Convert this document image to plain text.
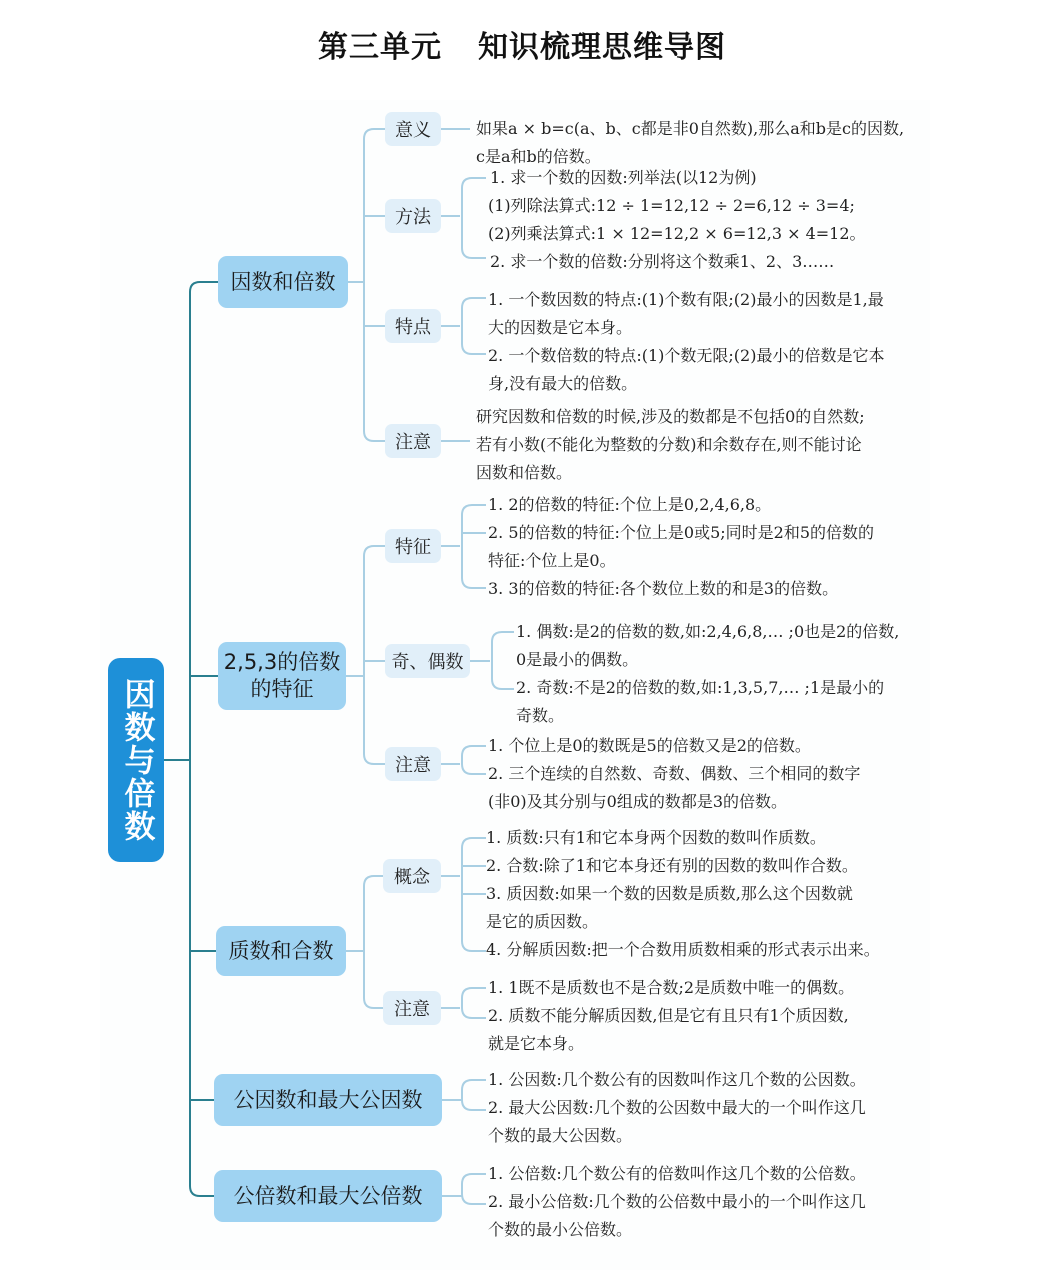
第三单元 知识梳理思维导图
因数与倍数
因数和倍数
2,5,3的倍数
的特征
质数和合数
公因数和最大公因数
公倍数和最大公倍数
意义
方法
特点
注意
特征
奇、偶数
注意
概念
注意
如果a × b=c(a、b、c都是非0自然数),那么a和b是c的因数,
c是a和b的倍数。
1. 求一个数的因数:列举法(以12为例)
(1)列除法算式:12 ÷ 1=12,12 ÷ 2=6,12 ÷ 3=4;
(2)列乘法算式:1 × 12=12,2 × 6=12,3 × 4=12。
2. 求一个数的倍数:分别将这个数乘1、2、3……
1. 一个数因数的特点:(1)个数有限;(2)最小的因数是1,最
大的因数是它本身。
2. 一个数倍数的特点:(1)个数无限;(2)最小的倍数是它本
身,没有最大的倍数。
研究因数和倍数的时候,涉及的数都是不包括0的自然数;
若有小数(不能化为整数的分数)和余数存在,则不能讨论
因数和倍数。
1. 2的倍数的特征:个位上是0,2,4,6,8。
2. 5的倍数的特征:个位上是0或5;同时是2和5的倍数的
特征:个位上是0。
3. 3的倍数的特征:各个数位上数的和是3的倍数。
1. 偶数:是2的倍数的数,如:2,4,6,8,… ;0也是2的倍数,
0是最小的偶数。
2. 奇数:不是2的倍数的数,如:1,3,5,7,… ;1是最小的
奇数。
1. 个位上是0的数既是5的倍数又是2的倍数。
2. 三个连续的自然数、奇数、偶数、三个相同的数字
(非0)及其分别与0组成的数都是3的倍数。
1. 质数:只有1和它本身两个因数的数叫作质数。
2. 合数:除了1和它本身还有别的因数的数叫作合数。
3. 质因数:如果一个数的因数是质数,那么这个因数就
是它的质因数。
4. 分解质因数:把一个合数用质数相乘的形式表示出来。
1. 1既不是质数也不是合数;2是质数中唯一的偶数。
2. 质数不能分解质因数,但是它有且只有1个质因数,
就是它本身。
1. 公因数:几个数公有的因数叫作这几个数的公因数。
2. 最大公因数:几个数的公因数中最大的一个叫作这几
个数的最大公因数。
1. 公倍数:几个数公有的倍数叫作这几个数的公倍数。
2. 最小公倍数:几个数的公倍数中最小的一个叫作这几
个数的最小公倍数。
